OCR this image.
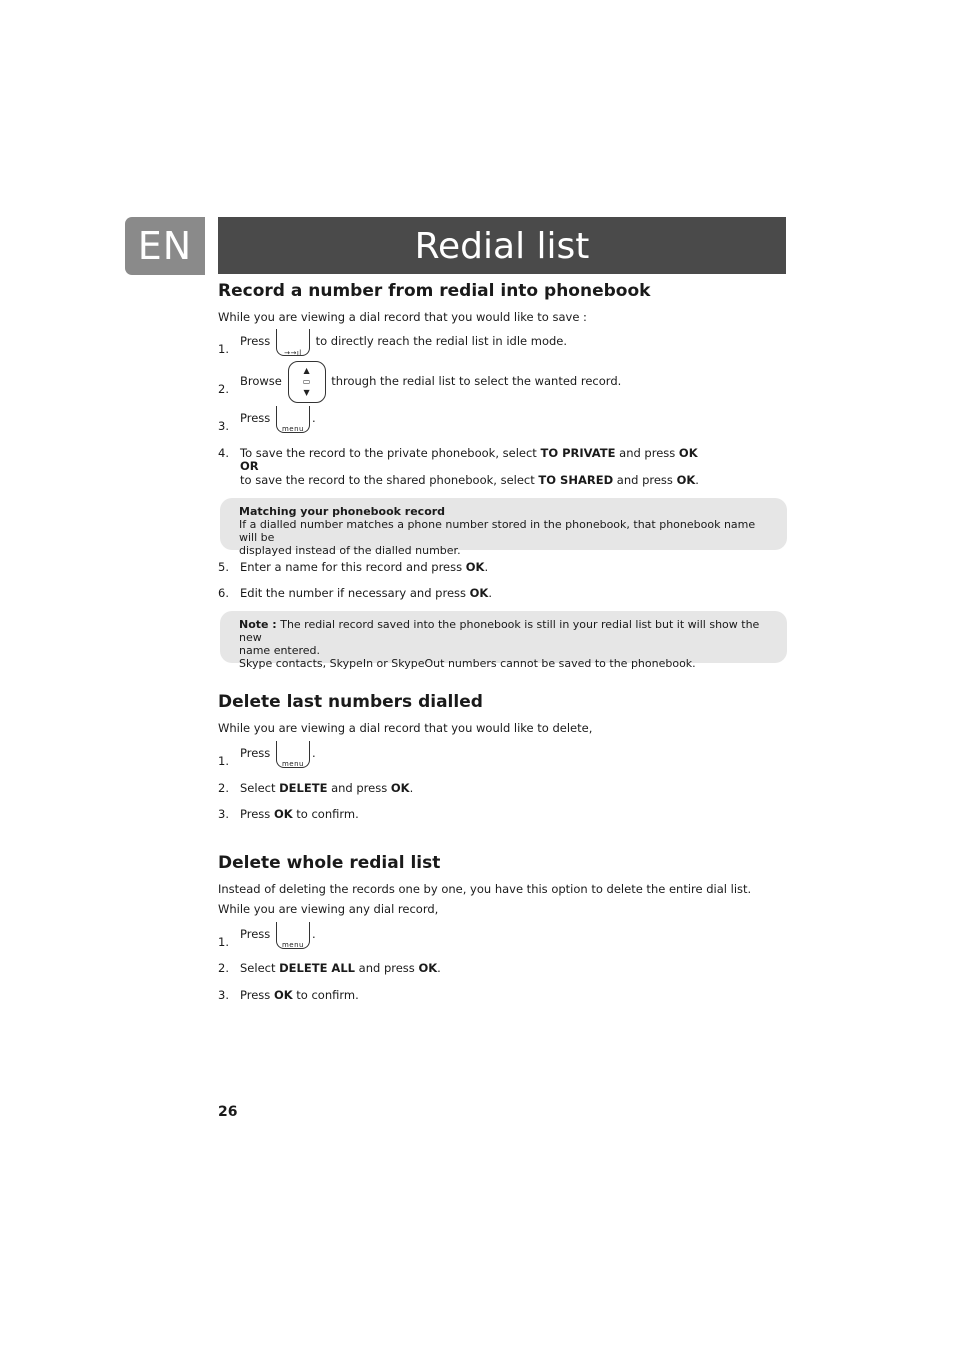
EN	Redial list
Record a number from redial into phonebook
While you are viewing a dial record that you would like to save :
1.
Press
→→ıl
to directly reach the redial list in idle mode.
2.
Browse
▲
▭
▼
through the redial list to select the wanted record.
3.
Press
menu
.
4. To save the record to the private phonebook, select TO PRIVATE and press OK
OR
to save the record to the shared phonebook, select TO SHARED and press OK.
Matching your phonebook record
If a dialled number matches a phone number stored in the phonebook, that phonebook name will be
displayed instead of the dialled number.
5. Enter a name for this record and press OK.
6. Edit the number if necessary and press OK.
Note : The redial record saved into the phonebook is still in your redial list but it will show the new
name entered.
Skype contacts, SkypeIn or SkypeOut numbers cannot be saved to the phonebook.
Delete last numbers dialled
While you are viewing a dial record that you would like to delete,
1.
Press
menu
.
2. Select DELETE and press OK.
3. Press OK to confirm.
Delete whole redial list
Instead of deleting the records one by one, you have this option to delete the entire dial list.
While you are viewing any dial record,
1.
Press
menu
.
2. Select DELETE ALL and press OK.
3. Press OK to confirm.
26
